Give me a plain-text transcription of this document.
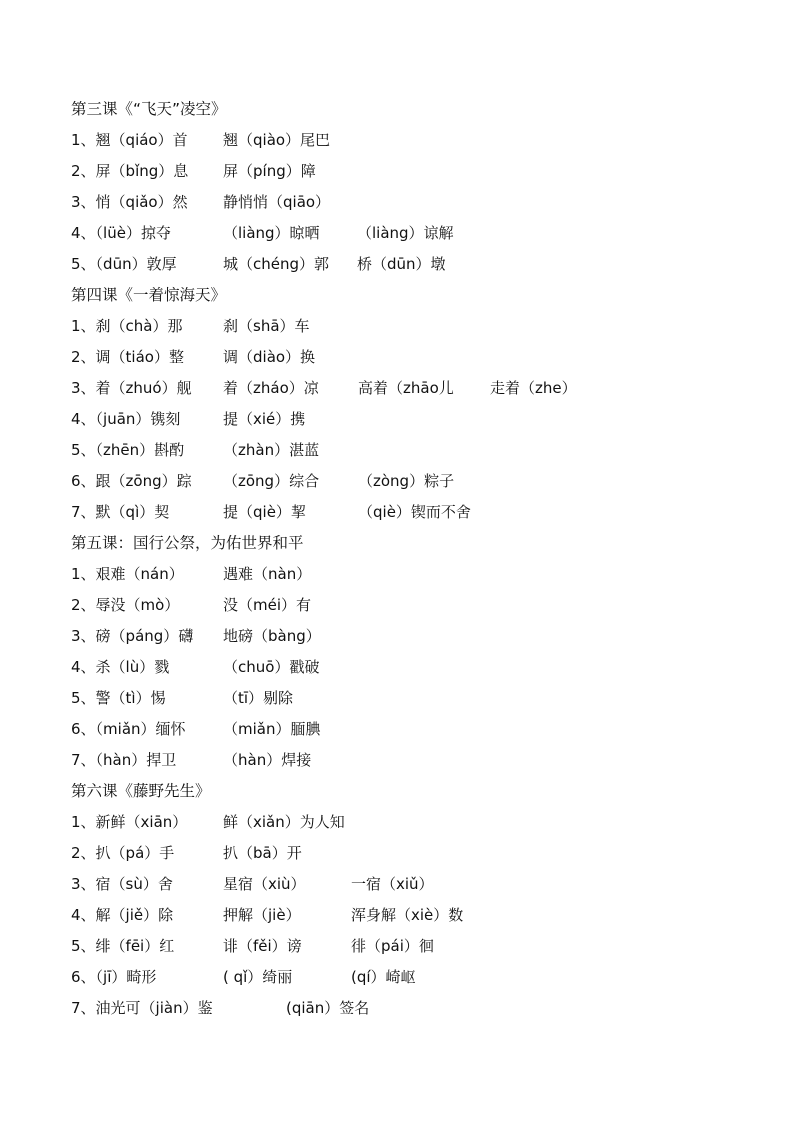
第三课《“飞天”凌空》
1、翘（qiáo）首	翘（qiào）尾巴
2、屏（bǐng）息	屏（píng）障
3、悄（qiǎo）然	静悄悄（qiāo）
4、（lüè）掠夺	（liàng）晾晒	（liàng）谅解
5、（dūn）敦厚	城（chéng）郭	桥（dūn）墩
第四课《一着惊海天》
1、刹（chà）那	刹（shā）车
2、调（tiáo）整	调（diào）换
3、着（zhuó）舰	着（zháo）凉	高着（zhāo儿	走着（zhe）
4、（juān）镌刻	提（xié）携
5、（zhēn）斟酌	（zhàn）湛蓝
6、跟（zōng）踪	（zōng）综合	（zòng）粽子
7、默（qì）契	提（qiè）挈	（qiè）锲而不舍
第五课：国行公祭，为佑世界和平
1、艰难（nán）	遇难（nàn）
2、辱没（mò）	没（méi）有
3、磅（páng）礴	地磅（bàng）
4、杀（lù）戮	（chuō）戳破
5、警（tì）惕	（tī）剔除
6、（miǎn）缅怀	（miǎn）腼腆
7、（hàn）捍卫	（hàn）焊接
第六课《藤野先生》
1、新鲜（xiān）	鲜（xiǎn）为人知
2、扒（pá）手	扒（bā）开
3、宿（sù）舍	星宿（xiù）	一宿（xiǔ）
4、解（jiě）除	押解（jiè）	浑身解（xiè）数
5、绯（fēi）红	诽（fěi）谤	徘（pái）徊
6、（jī）畸形	( qǐ）绮丽	(qí）崎岖
7、油光可（jiàn）鉴	(qiān）签名
